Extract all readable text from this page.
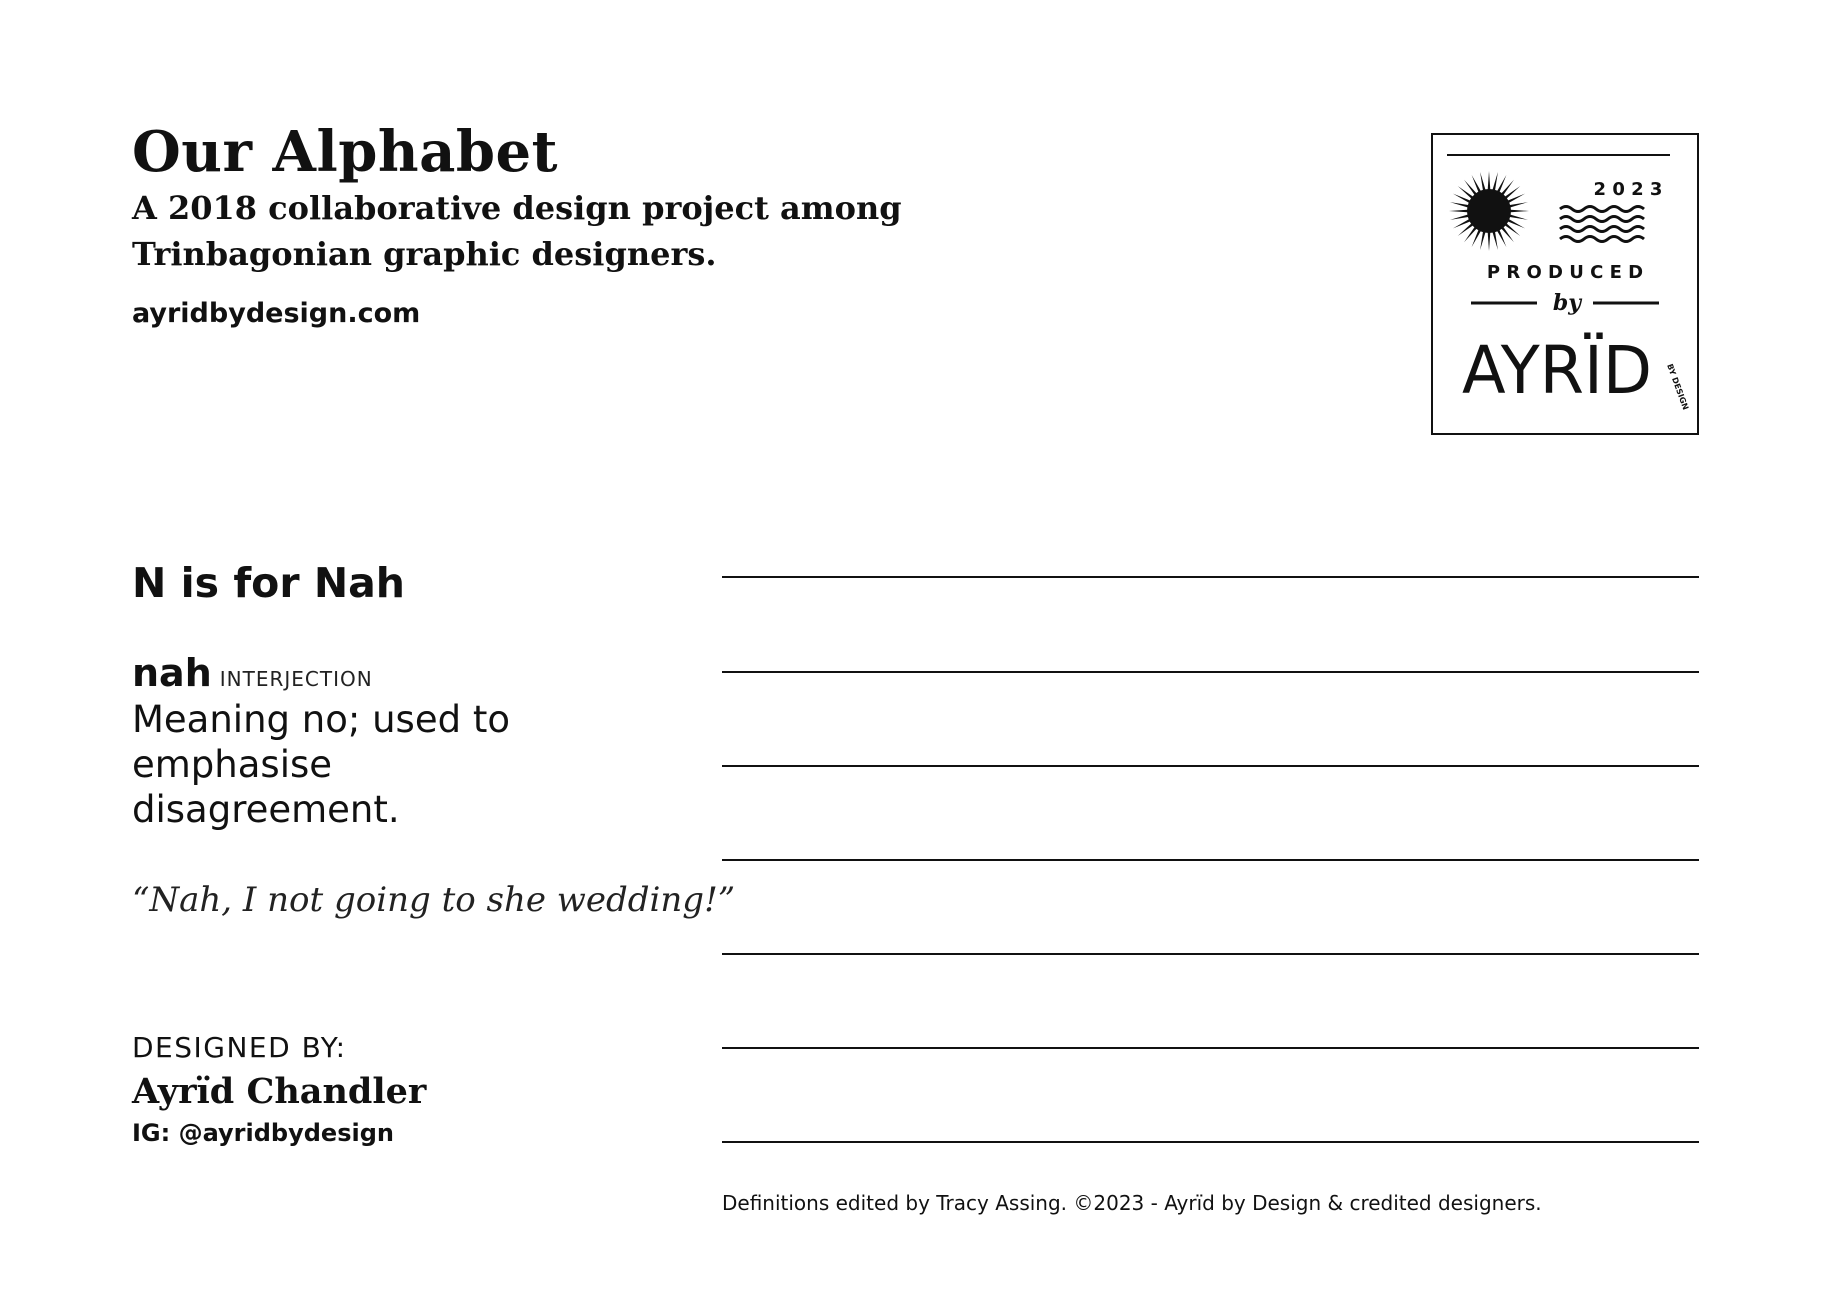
Our Alphabet
A 2018 collaborative design project among Trinbagonian graphic designers.
ayridbydesign.com
2 0 2 3
P R O D U C E D
by
AYRÏD BY DESIGN
N is for Nah
nah INTERJECTION
Meaning no; used to emphasise disagreement.
“Nah, I not going to she wedding!”
DESIGNED BY:
Ayrïd Chandler
IG: @ayridbydesign
Definitions edited by Tracy Assing. ©2023 - Ayrïd by Design & credited designers.
